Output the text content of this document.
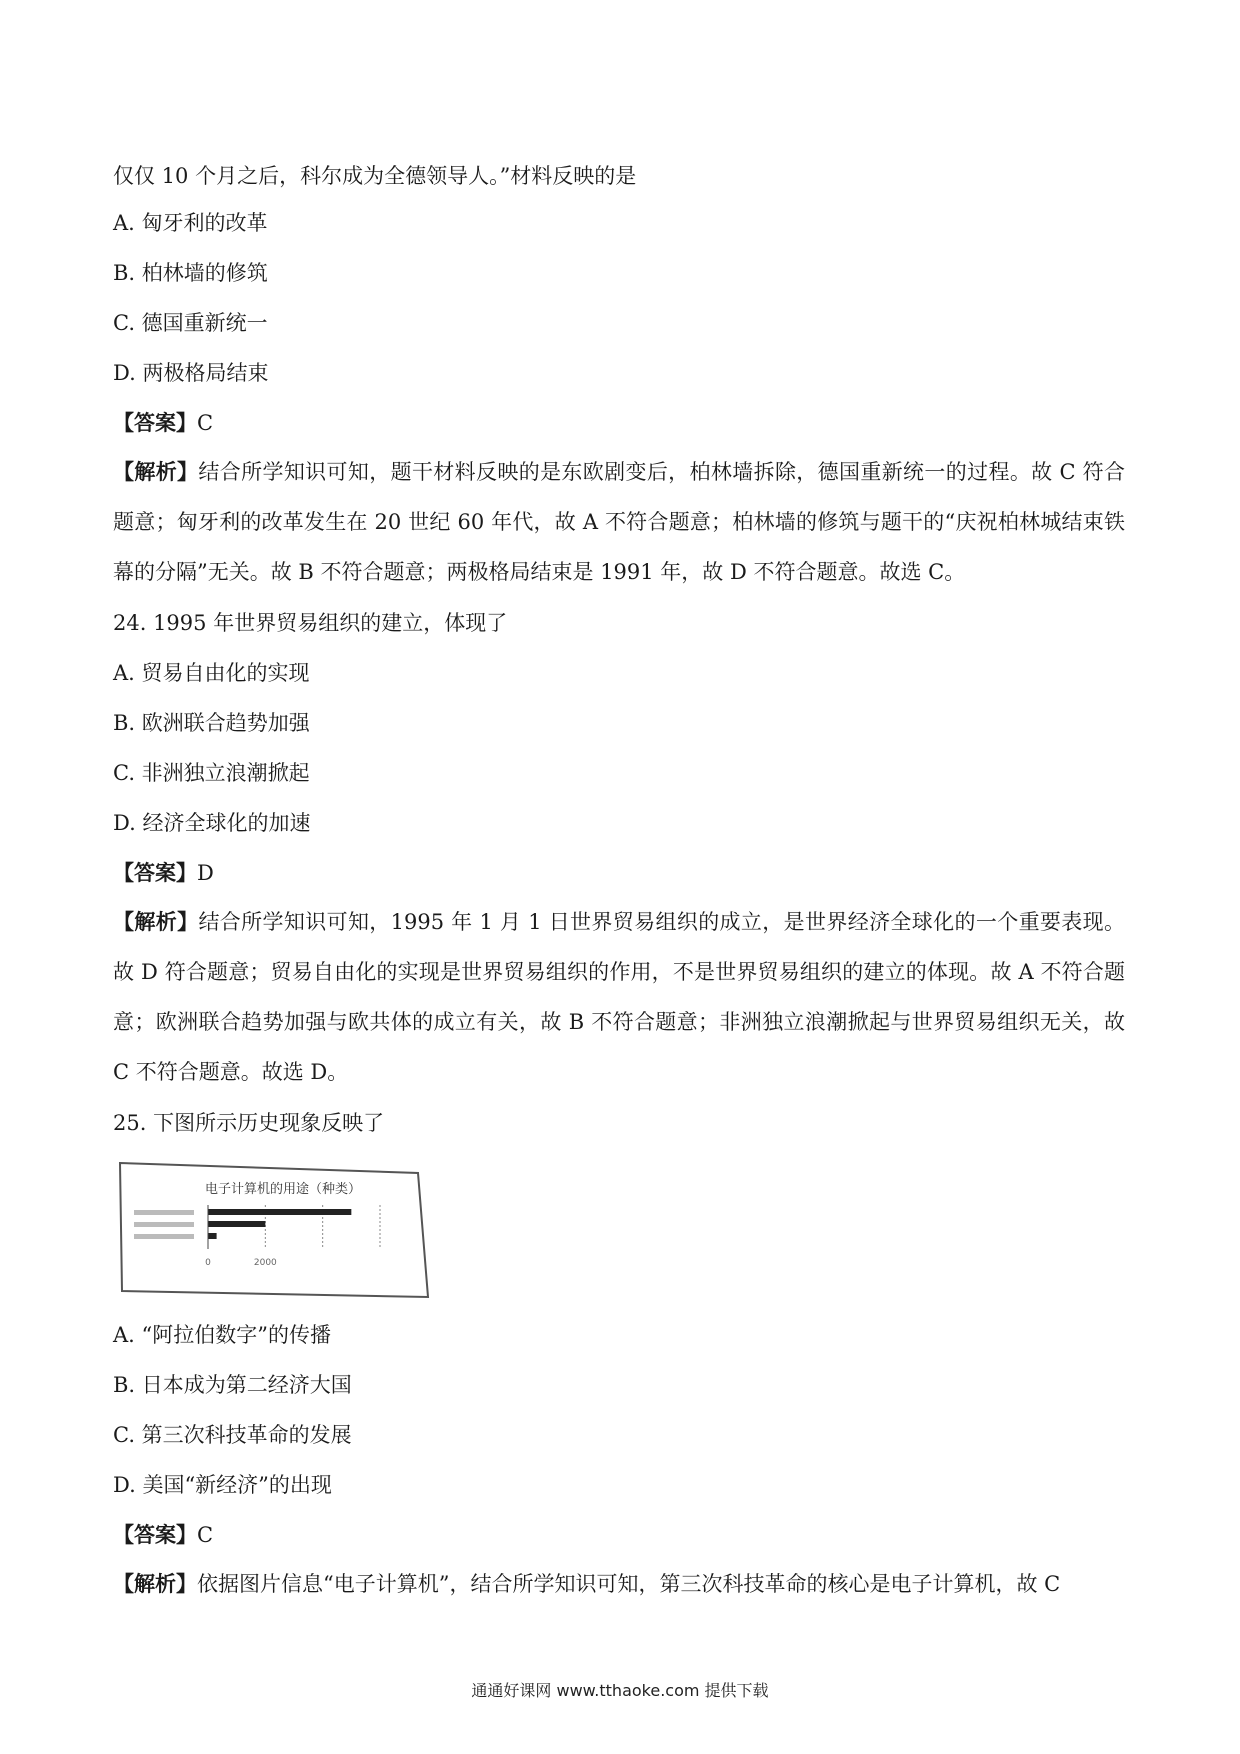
仅仅 10 个月之后，科尔成为全德领导人。”材料反映的是
A. 匈牙利的改革
B. 柏林墙的修筑
C. 德国重新统一
D. 两极格局结束
【答案】C
【解析】结合所学知识可知，题干材料反映的是东欧剧变后，柏林墙拆除，德国重新统一的过程。故 C 符合题意；匈牙利的改革发生在 20 世纪 60 年代，故 A 不符合题意；柏林墙的修筑与题干的“庆祝柏林城结束铁幕的分隔”无关。故 B 不符合题意；两极格局结束是 1991 年，故 D 不符合题意。故选 C。
24. 1995 年世界贸易组织的建立，体现了
A. 贸易自由化的实现
B. 欧洲联合趋势加强
C. 非洲独立浪潮掀起
D. 经济全球化的加速
【答案】D
【解析】结合所学知识可知，1995 年 1 月 1 日世界贸易组织的成立，是世界经济全球化的一个重要表现。故 D 符合题意；贸易自由化的实现是世界贸易组织的作用，不是世界贸易组织的建立的体现。故 A 不符合题意；欧洲联合趋势加强与欧共体的成立有关，故 B 不符合题意；非洲独立浪潮掀起与世界贸易组织无关，故 C 不符合题意。故选 D。
25. 下图所示历史现象反映了
电子计算机的用途（种类）
0	2000
A. “阿拉伯数字”的传播
B. 日本成为第二经济大国
C. 第三次科技革命的发展
D. 美国“新经济”的出现
【答案】C
【解析】依据图片信息“电子计算机”，结合所学知识可知，第三次科技革命的核心是电子计算机，故 C
通通好课网 www.tthaoke.com 提供下载
